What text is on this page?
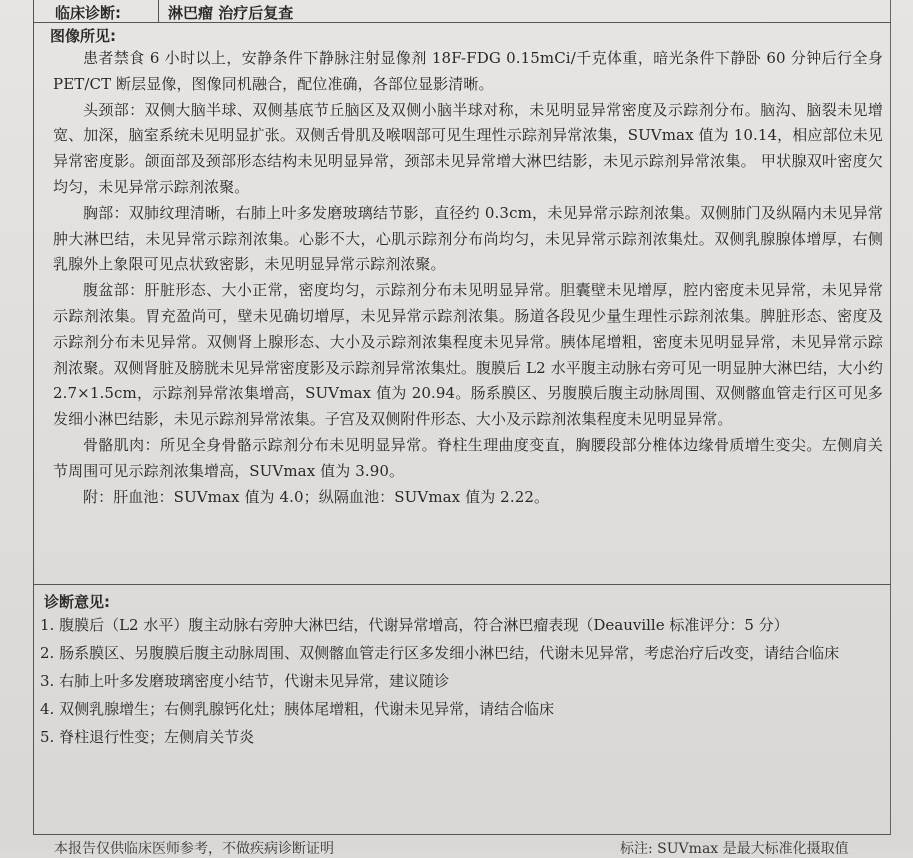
临床诊断:	淋巴瘤 治疗后复查
图像所见:

患者禁食 6 小时以上，安静条件下静脉注射显像剂 18F-FDG 0.15mCi/千克体重，暗光条件下静卧 60 分钟后行全身 PET/CT 断层显像，图像同机融合，配位准确，各部位显影清晰。

头颈部：双侧大脑半球、双侧基底节丘脑区及双侧小脑半球对称，未见明显异常密度及示踪剂分布。脑沟、脑裂未见增宽、加深，脑室系统未见明显扩张。双侧舌骨肌及喉咽部可见生理性示踪剂异常浓集，SUVmax 值为 10.14，相应部位未见异常密度影。颌面部及颈部形态结构未见明显异常，颈部未见异常增大淋巴结影，未见示踪剂异常浓集。 甲状腺双叶密度欠均匀，未见异常示踪剂浓聚。

胸部：双肺纹理清晰，右肺上叶多发磨玻璃结节影，直径约 0.3cm，未见异常示踪剂浓集。双侧肺门及纵隔内未见异常肿大淋巴结，未见异常示踪剂浓集。心影不大，心肌示踪剂分布尚均匀，未见异常示踪剂浓集灶。双侧乳腺腺体增厚，右侧乳腺外上象限可见点状致密影，未见明显异常示踪剂浓聚。

腹盆部：肝脏形态、大小正常，密度均匀，示踪剂分布未见明显异常。胆囊壁未见增厚，腔内密度未见异常，未见异常示踪剂浓集。胃充盈尚可，壁未见确切增厚，未见异常示踪剂浓集。肠道各段见少量生理性示踪剂浓集。脾脏形态、密度及示踪剂分布未见异常。双侧肾上腺形态、大小及示踪剂浓集程度未见异常。胰体尾增粗，密度未见明显异常，未见异常示踪剂浓聚。双侧肾脏及膀胱未见异常密度影及示踪剂异常浓集灶。腹膜后 L2 水平腹主动脉右旁可见一明显肿大淋巴结，大小约 2.7×1.5cm，示踪剂异常浓集增高，SUVmax 值为 20.94。肠系膜区、另腹膜后腹主动脉周围、双侧髂血管走行区可见多发细小淋巴结影，未见示踪剂异常浓集。子宫及双侧附件形态、大小及示踪剂浓集程度未见明显异常。

骨骼肌肉：所见全身骨骼示踪剂分布未见明显异常。脊柱生理曲度变直，胸腰段部分椎体边缘骨质增生变尖。左侧肩关节周围可见示踪剂浓集增高，SUVmax 值为 3.90。

附：肝血池：SUVmax 值为 4.0；纵隔血池：SUVmax 值为 2.22。

诊断意见:
1. 腹膜后（L2 水平）腹主动脉右旁肿大淋巴结，代谢异常增高，符合淋巴瘤表现（Deauville 标准评分：5 分）
2. 肠系膜区、另腹膜后腹主动脉周围、双侧髂血管走行区多发细小淋巴结，代谢未见异常，考虑治疗后改变，请结合临床
3. 右肺上叶多发磨玻璃密度小结节，代谢未见异常，建议随诊
4. 双侧乳腺增生；右侧乳腺钙化灶；胰体尾增粗，代谢未见异常，请结合临床
5. 脊柱退行性变；左侧肩关节炎
本报告仅供临床医师参考，不做疾病诊断证明	标注: SUVmax 是最大标准化摄取值
